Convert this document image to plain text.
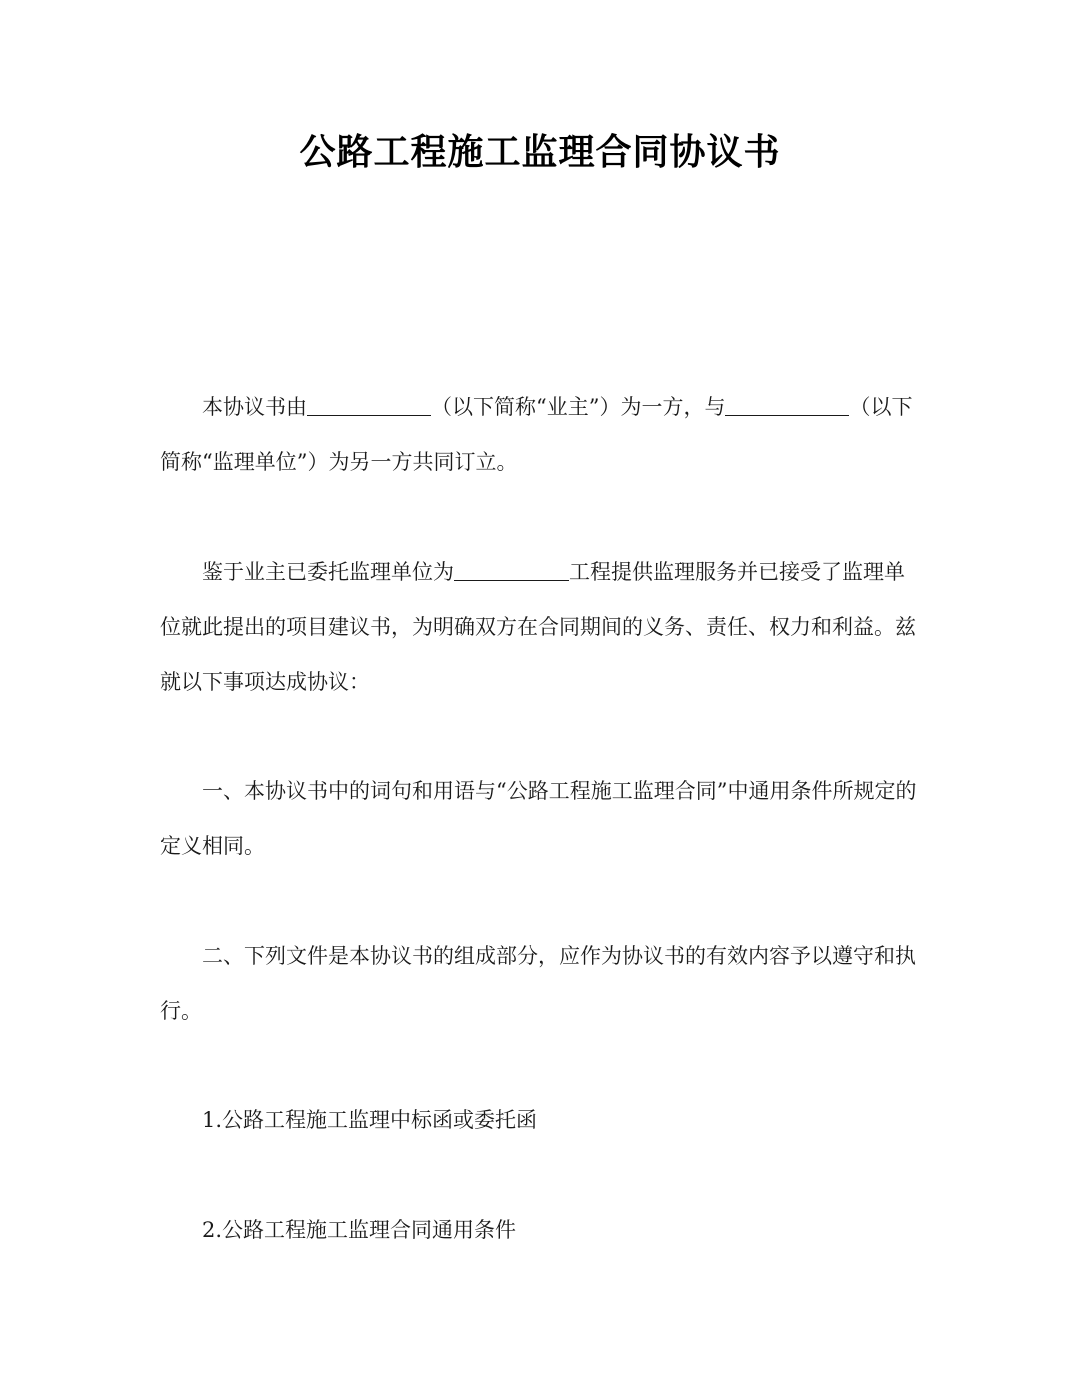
公路工程施工监理合同协议书

本协议书由	（以下简称“业主”）为一方，与	（以下简称“监理单位”）为另一方共同订立。

鉴于业主已委托监理单位为	工程提供监理服务并已接受了监理单位就此提出的项目建议书，为明确双方在合同期间的义务、责任、权力和利益。兹就以下事项达成协议：

一、本协议书中的词句和用语与“公路工程施工监理合同”中通用条件所规定的定义相同。

二、下列文件是本协议书的组成部分，应作为协议书的有效内容予以遵守和执行。

1.公路工程施工监理中标函或委托函

2.公路工程施工监理合同通用条件
